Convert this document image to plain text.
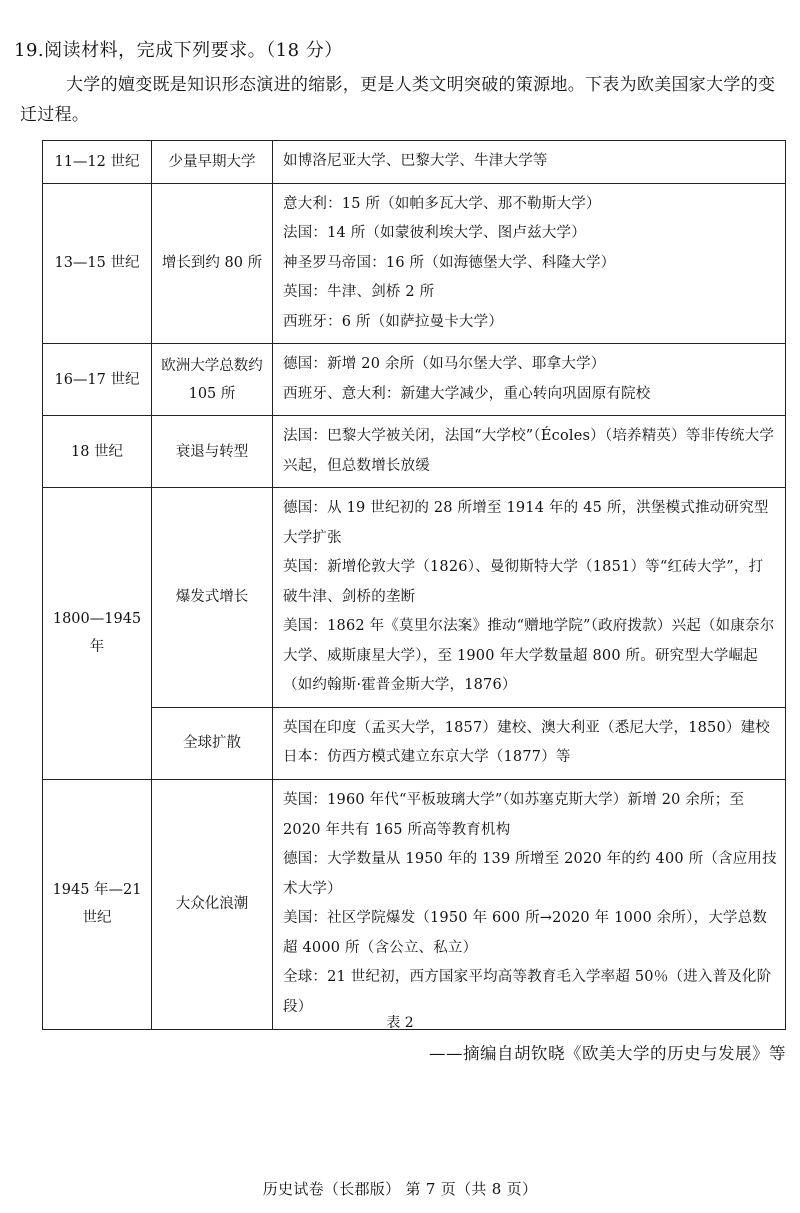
19.阅读材料，完成下列要求。（18 分）
大学的嬗变既是知识形态演进的缩影，更是人类文明突破的策源地。下表为欧美国家大学的变迁过程。
11—12 世纪	少量早期大学	如博洛尼亚大学、巴黎大学、牛津大学等

13—15 世纪	增长到约 80 所	意大利：15 所（如帕多瓦大学、那不勒斯大学）
法国：14 所（如蒙彼利埃大学、图卢兹大学）
神圣罗马帝国：16 所（如海德堡大学、科隆大学）
英国：牛津、剑桥 2 所
西班牙：6 所（如萨拉曼卡大学）

16—17 世纪	欧洲大学总数约 105 所	德国：新增 20 余所（如马尔堡大学、耶拿大学）
西班牙、意大利：新建大学减少，重心转向巩固原有院校

18 世纪	衰退与转型	法国：巴黎大学被关闭，法国“大学校”（Écoles）（培养精英）等非传统大学兴起，但总数增长放缓

1800—1945 年	爆发式增长	德国：从 19 世纪初的 28 所增至 1914 年的 45 所，洪堡模式推动研究型大学扩张
英国：新增伦敦大学（1826）、曼彻斯特大学（1851）等“红砖大学”，打破牛津、剑桥的垄断
美国：1862 年《莫里尔法案》推动“赠地学院”（政府拨款）兴起（如康奈尔大学、威斯康星大学），至 1900 年大学数量超 800 所。研究型大学崛起（如约翰斯·霍普金斯大学，1876）

	全球扩散	英国在印度（孟买大学，1857）建校、澳大利亚（悉尼大学，1850）建校
日本：仿西方模式建立东京大学（1877）等

1945 年—21 世纪	大众化浪潮	英国：1960 年代“平板玻璃大学”（如苏塞克斯大学）新增 20 余所；至 2020 年共有 165 所高等教育机构
德国：大学数量从 1950 年的 139 所增至 2020 年的约 400 所（含应用技术大学）
美国：社区学院爆发（1950 年 600 所→2020 年 1000 余所），大学总数超 4000 所（含公立、私立）
全球：21 世纪初，西方国家平均高等教育毛入学率超 50％（进入普及化阶段）
表 2
——摘编自胡钦晓《欧美大学的历史与发展》等
历史试卷（长郡版） 第 7 页（共 8 页）
